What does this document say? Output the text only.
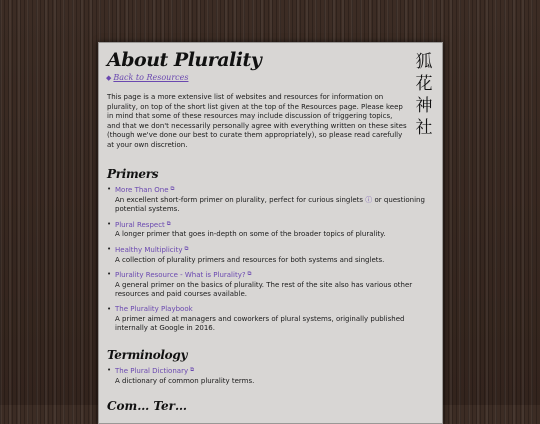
About Plurality
◆ Back to Resources
狐
花
神
社

This page is a more extensive list of websites and resources for information on plurality, on top of the short list given at the top of the Resources page. Please keep in mind that some of these resources may include discussion of triggering topics, and that we don't necessarily personally agree with everything written on these sites (though we've done our best to curate them appropriately), so please read carefully at your own discretion.

Primers
• More Than One ⧉
An excellent short-form primer on plurality, perfect for curious singlets ⓘ or questioning potential systems.
• Plural Respect ⧉
A longer primer that goes in-depth on some of the broader topics of plurality.
• Healthy Multiplicity ⧉
A collection of plurality primers and resources for both systems and singlets.
• Plurality Resource - What is Plurality? ⧉
A general primer on the basics of plurality. The rest of the site also has various other resources and paid courses available.
• The Plurality Playbook
A primer aimed at managers and coworkers of plural systems, originally published internally at Google in 2016.
Terminology
• The Plural Dictionary ⧉
A dictionary of common plurality terms.
Com… Ter…
